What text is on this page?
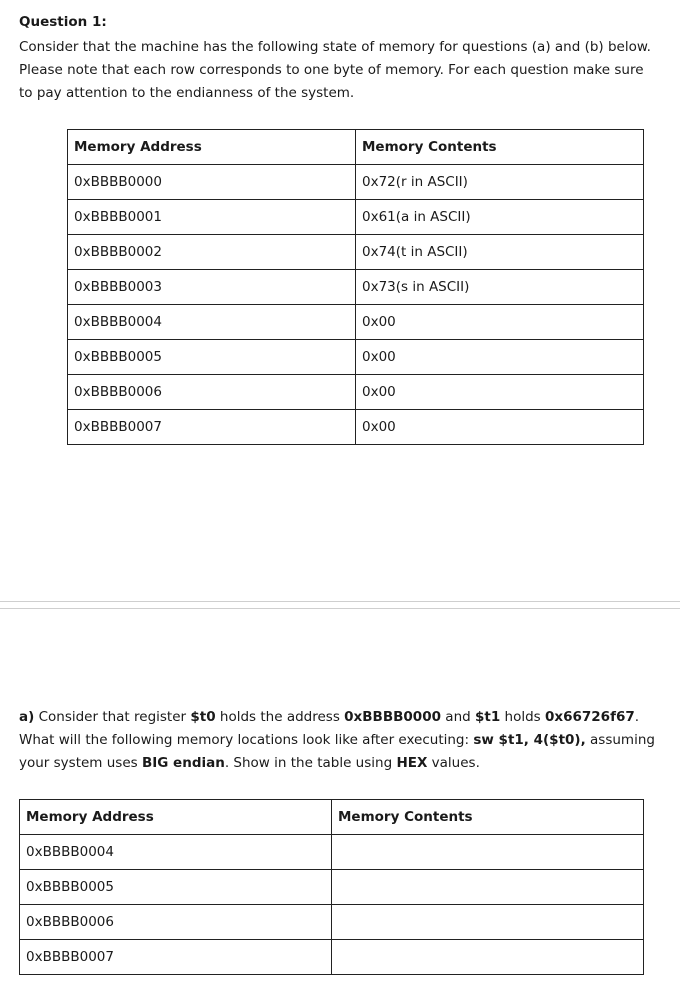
Question 1:
Consider that the machine has the following state of memory for questions (a) and (b) below. Please note that each row corresponds to one byte of memory. For each question make sure to pay attention to the endianness of the system.
Memory Address	Memory Contents
0xBBBB0000	0x72(r in ASCII)
0xBBBB0001	0x61(a in ASCII)
0xBBBB0002	0x74(t in ASCII)
0xBBBB0003	0x73(s in ASCII)
0xBBBB0004	0x00
0xBBBB0005	0x00
0xBBBB0006	0x00
0xBBBB0007	0x00
a) Consider that register $t0 holds the address 0xBBBB0000 and $t1 holds 0x66726f67. What will the following memory locations look like after executing: sw $t1, 4($t0), assuming your system uses BIG endian. Show in the table using HEX values.
Memory Address	Memory Contents
0xBBBB0004	
0xBBBB0005	
0xBBBB0006	
0xBBBB0007	
